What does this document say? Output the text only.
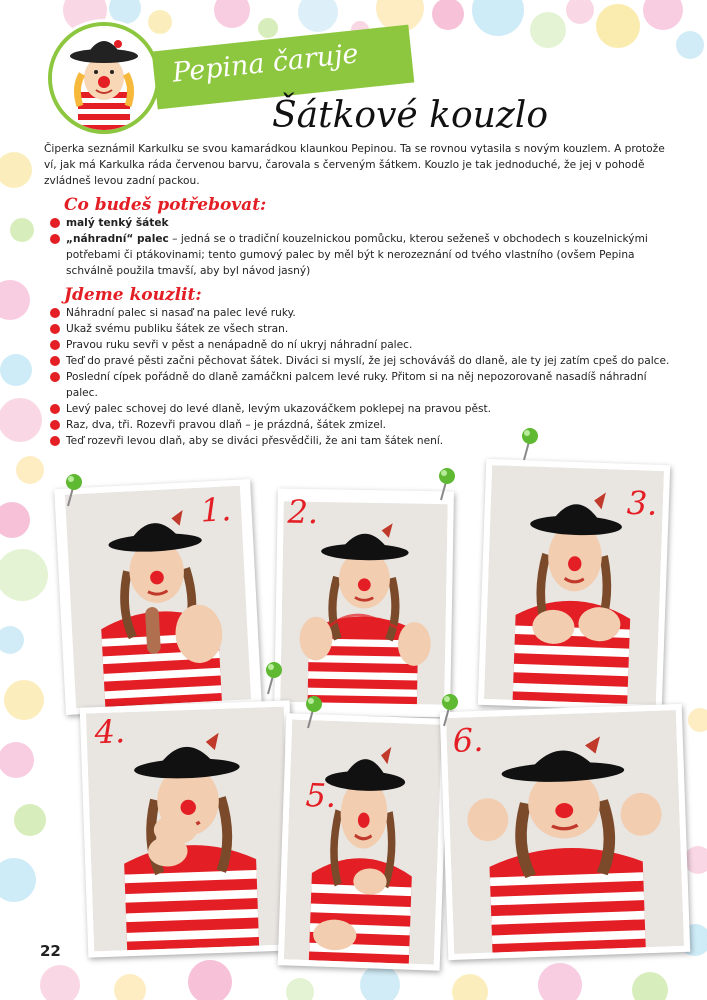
Pepina čaruje
Šátkové kouzlo

Čiperka seznámil Karkulku se svou kamarádkou klaunkou Pepinou. Ta se rovnou vytasila s novým kouzlem. A protože ví, jak má Karkulka ráda červenou barvu, čarovala s červeným šátkem. Kouzlo je tak jednoduché, že jej v pohodě zvládneš levou zadní packou.

Co budeš potřebovat:
malý tenký šátek
„náhradní“ palec – jedná se o tradiční kouzelnickou pomůcku, kterou seženeš v obchodech s kouzelnickými potřebami či ptákovinami; tento gumový palec by měl být k nerozeznání od tvého vlastního (ovšem Pepina schválně použila tmavší, aby byl návod jasný)
Jdeme kouzlit:
Náhradní palec si nasaď na palec levé ruky.
Ukaž svému publiku šátek ze všech stran.
Pravou ruku sevři v pěst a nenápadně do ní ukryj náhradní palec.
Teď do pravé pěsti začni pěchovat šátek. Diváci si myslí, že jej schováváš do dlaně, ale ty jej zatím cpeš do palce.
Poslední cípek pořádně do dlaně zamáčkni palcem levé ruky. Přitom si na něj nepozorovaně nasadíš náhradní palec.
Levý palec schovej do levé dlaně, levým ukazováčkem poklepej na pravou pěst.
Raz, dva, tři. Rozevři pravou dlaň – je prázdná, šátek zmizel.
Teď rozevři levou dlaň, aby se diváci přesvědčili, že ani tam šátek není.
1. 2.	3.
4.
5.
6.
22
